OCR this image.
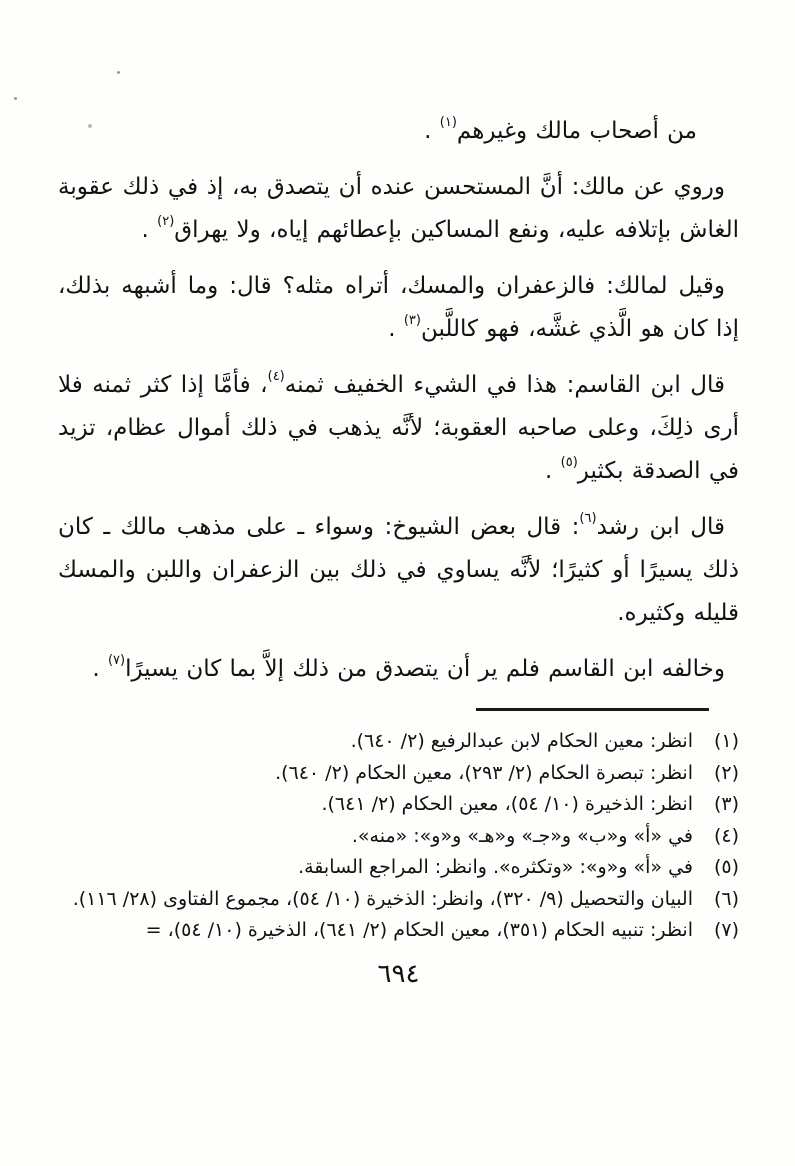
من أصحاب مالك وغيرهم$^{(١)}$ .

وروي عن مالك: أنَّ المستحسن عنده أن يتصدق به، إذ في ذلك عقوبة الغاش بإتلافه عليه، ونفع المساكين بإعطائهم إياه، ولا يهراق$^{(٢)}$ .

وقيل لمالك: فالزعفران والمسك، أتراه مثله؟ قال: وما أشبهه بذلك، إذا كان هو الَّذي غشَّه، فهو كاللَّبن$^{(٣)}$ .

قال ابن القاسم: هذا في الشيء الخفيف ثمنه$^{(٤)}$، فأمَّا إذا كثر ثمنه فلا أرى ذلِكَ، وعلى صاحبه العقوبة؛ لأنَّه يذهب في ذلك أموال عظام، تزيد في الصدقة بكثير$^{(٥)}$ .

قال ابن رشد$^{(٦)}$: قال بعض الشيوخ: وسواء ـ على مذهب مالك ـ كان ذلك يسيرًا أو كثيرًا؛ لأنَّه يساوي في ذلك بين الزعفران واللبن والمسك قليله وكثيره.

وخالفه ابن القاسم فلم ير أن يتصدق من ذلك إلاَّ بما كان يسيرًا$^{(٧)}$ .

(١)
انظر: معين الحكام لابن عبدالرفيع (٢/ ٦٤٠).
(٢)
انظر: تبصرة الحكام (٢/ ٢٩٣)، معين الحكام (٢/ ٦٤٠).
(٣)
انظر: الذخيرة (١٠/ ٥٤)، معين الحكام (٢/ ٦٤١).
(٤)
في «أ» و«ب» و«جـ» و«هـ» و«و»: «منه».
(٥)
في «أ» و«و»: «وتكثره». وانظر: المراجع السابقة.
(٦)
البيان والتحصيل (٩/ ٣٢٠)، وانظر: الذخيرة (١٠/ ٥٤)، مجموع الفتاوى (٢٨/ ١١٦).
(٧)
انظر: تنبيه الحكام (٣٥١)، معين الحكام (٢/ ٦٤١)، الذخيرة (١٠/ ٥٤)، =
٦٩٤
